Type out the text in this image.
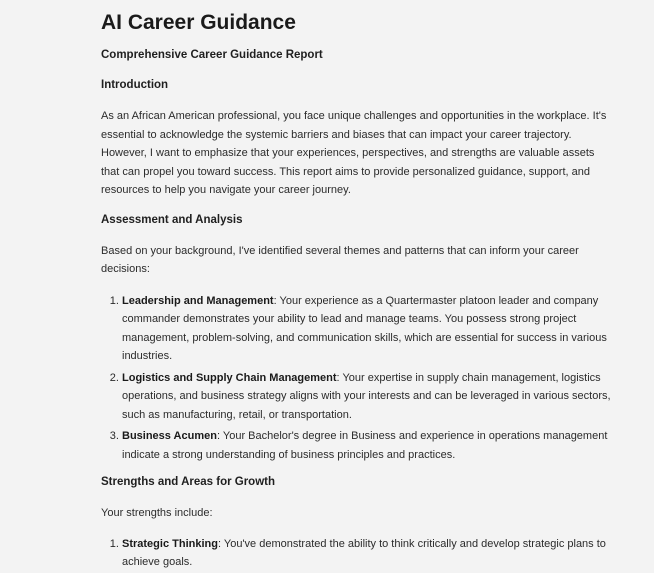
AI Career Guidance
Comprehensive Career Guidance Report
Introduction

As an African American professional, you face unique challenges and opportunities in the workplace. It's essential to acknowledge the systemic barriers and biases that can impact your career trajectory. However, I want to emphasize that your experiences, perspectives, and strengths are valuable assets that can propel you toward success. This report aims to provide personalized guidance, support, and resources to help you navigate your career journey.

Assessment and Analysis

Based on your background, I've identified several themes and patterns that can inform your career decisions:

1. Leadership and Management: Your experience as a Quartermaster platoon leader and company commander demonstrates your ability to lead and manage teams. You possess strong project management, problem-solving, and communication skills, which are essential for success in various industries.
2. Logistics and Supply Chain Management: Your expertise in supply chain management, logistics operations, and business strategy aligns with your interests and can be leveraged in various sectors, such as manufacturing, retail, or transportation.
3. Business Acumen: Your Bachelor's degree in Business and experience in operations management indicate a strong understanding of business principles and practices.
Strengths and Areas for Growth

Your strengths include:

1. Strategic Thinking: You've demonstrated the ability to think critically and develop strategic plans to achieve goals.
